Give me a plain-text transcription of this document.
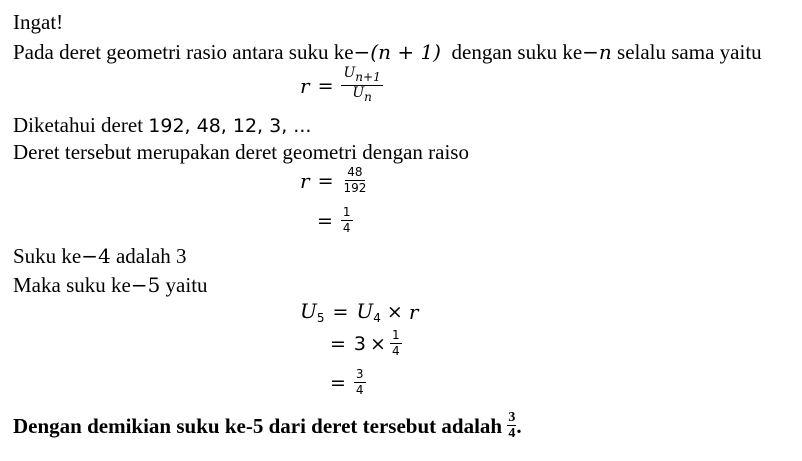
Ingat!
Pada deret geometri rasio antara suku ke−(n + 1) dengan suku ke−n selalu sama yaitu
$r = \frac{U_{n+1}}{U_n}$
Diketahui deret 192, 48, 12, 3, ...
Deret tersebut merupakan deret geometri dengan raiso
$r = \frac{48}{192}$
= $\frac{1}{4}$
Suku ke−4 adalah 3
Maka suku ke−5 yaitu
$U_5 = U_4 \times r$
= $3 \times \frac{1}{4}$
= $\frac{3}{4}$
Dengan demikian suku ke-5 dari deret tersebut adalah
$\frac{3}{4}$ .
